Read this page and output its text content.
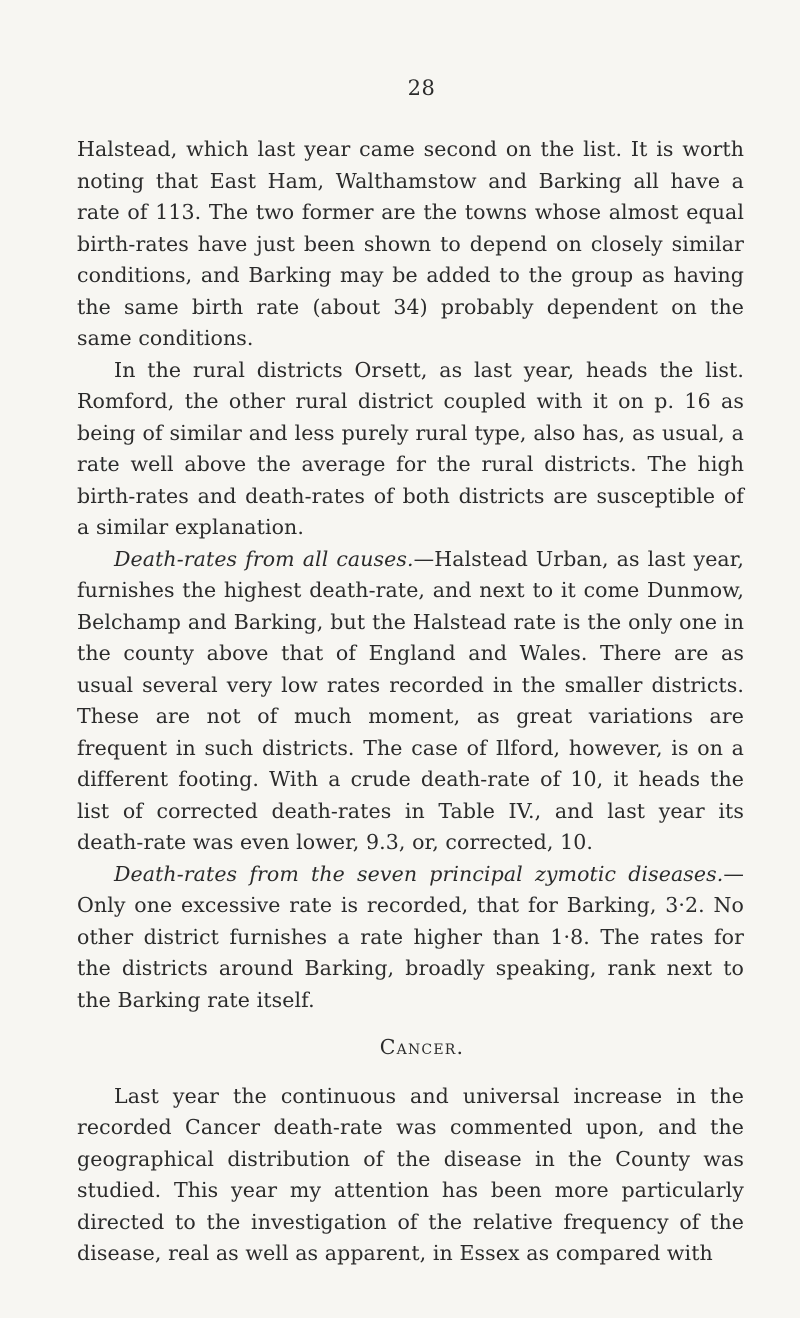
28

Halstead, which last year came second on the list. It is worth noting that East Ham, Walthamstow and Barking all have a rate of 113. The two former are the towns whose almost equal birth-rates have just been shown to depend on closely similar conditions, and Barking may be added to the group as having the same birth rate (about 34) probably dependent on the same conditions.

In the rural districts Orsett, as last year, heads the list. Romford, the other rural district coupled with it on p. 16 as being of similar and less purely rural type, also has, as usual, a rate well above the average for the rural districts. The high birth-rates and death-rates of both districts are susceptible of a similar explanation.

Death-rates from all causes.—Halstead Urban, as last year, furnishes the highest death-rate, and next to it come Dunmow, Belchamp and Barking, but the Halstead rate is the only one in the county above that of England and Wales. There are as usual several very low rates recorded in the smaller districts. These are not of much moment, as great variations are frequent in such districts. The case of Ilford, however, is on a different footing. With a crude death-rate of 10, it heads the list of corrected death-rates in Table IV., and last year its death-rate was even lower, 9.3, or, corrected, 10.

Death-rates from the seven principal zymotic diseases.—Only one excessive rate is recorded, that for Barking, 3·2. No other district furnishes a rate higher than 1·8. The rates for the districts around Barking, broadly speaking, rank next to the Barking rate itself.

Cancer.

Last year the continuous and universal increase in the recorded Cancer death-rate was commented upon, and the geographical distribution of the disease in the County was studied. This year my attention has been more particularly directed to the investigation of the relative frequency of the disease, real as well as apparent, in Essex as compared with
